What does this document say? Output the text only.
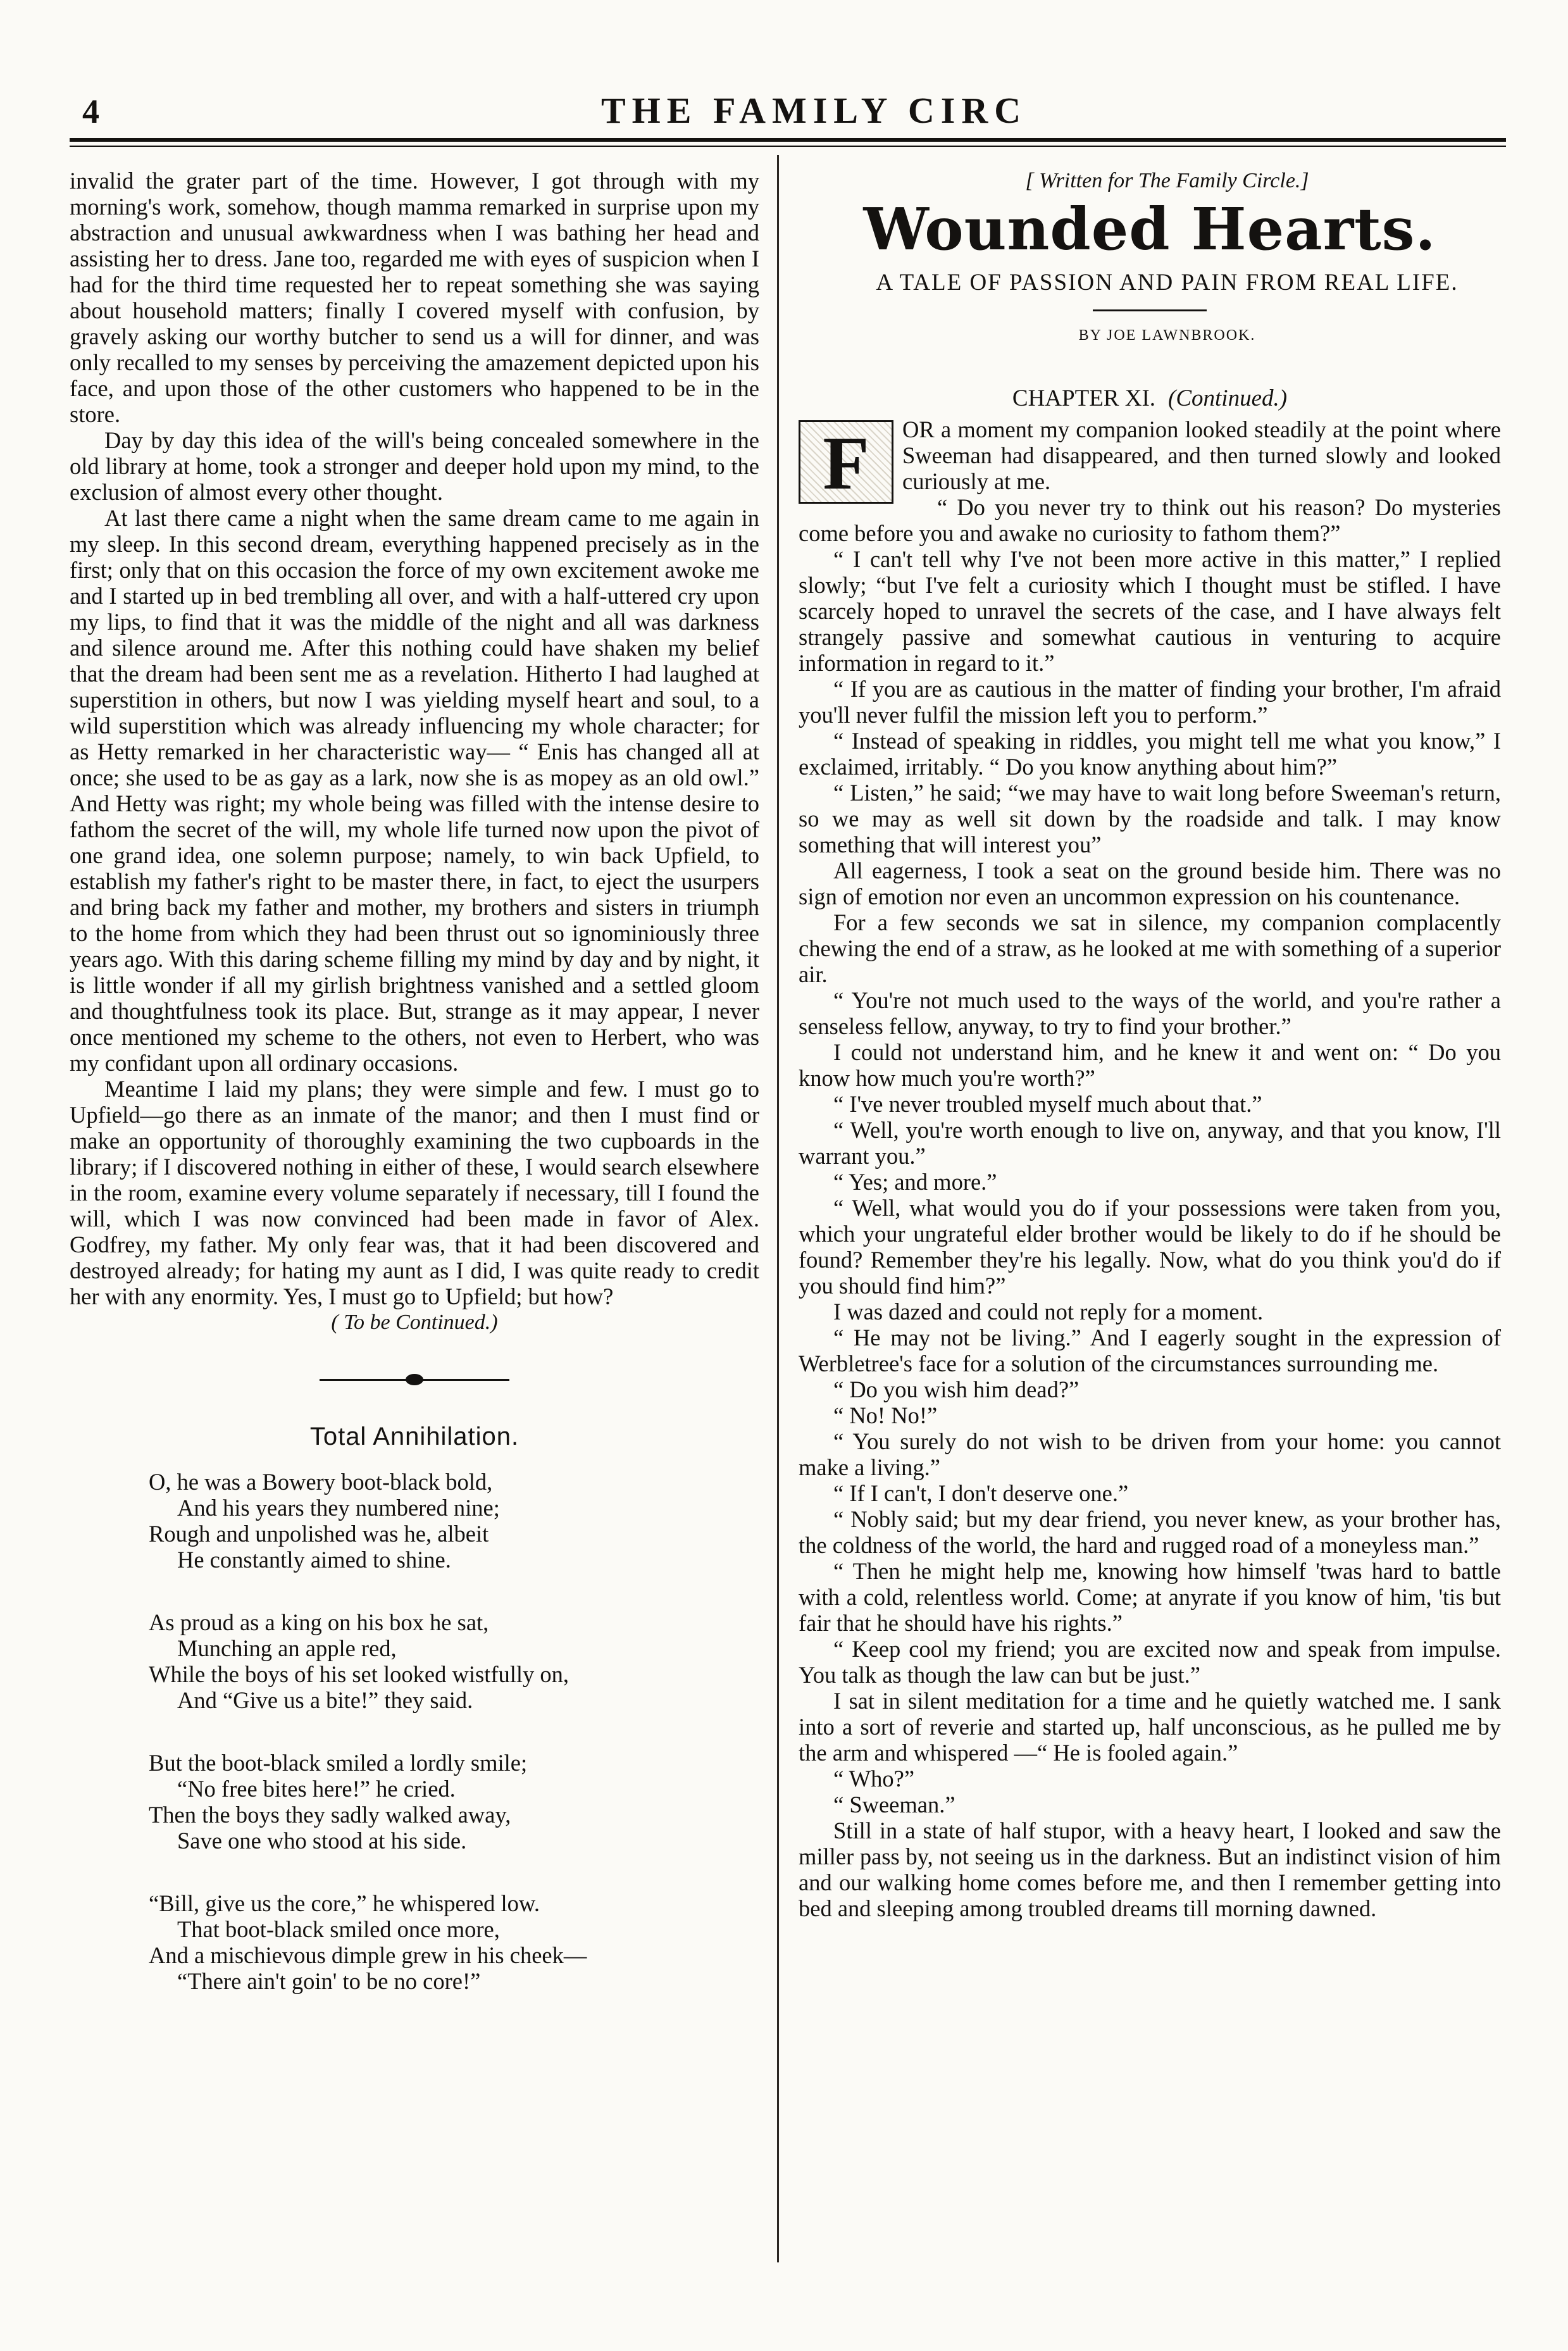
4	THE FAMILY CIRC

invalid the grater part of the time. However, I got through with my morning's work, somehow, though mamma remarked in surprise upon my abstraction and unusual awkwardness when I was bathing her head and assisting her to dress. Jane too, regarded me with eyes of suspicion when I had for the third time requested her to repeat something she was saying about household matters; finally I covered myself with confusion, by gravely asking our worthy butcher to send us a will for dinner, and was only recalled to my senses by perceiving the amazement depicted upon his face, and upon those of the other customers who happened to be in the store.

Day by day this idea of the will's being concealed somewhere in the old library at home, took a stronger and deeper hold upon my mind, to the exclusion of almost every other thought.

At last there came a night when the same dream came to me again in my sleep. In this second dream, everything happened precisely as in the first; only that on this occasion the force of my own excitement awoke me and I started up in bed trembling all over, and with a half-uttered cry upon my lips, to find that it was the middle of the night and all was darkness and silence around me. After this nothing could have shaken my belief that the dream had been sent me as a revelation. Hitherto I had laughed at superstition in others, but now I was yielding myself heart and soul, to a wild superstition which was already influencing my whole character; for as Hetty remarked in her characteristic way— “ Enis has changed all at once; she used to be as gay as a lark, now she is as mopey as an old owl.” And Hetty was right; my whole being was filled with the intense desire to fathom the secret of the will, my whole life turned now upon the pivot of one grand idea, one solemn purpose; namely, to win back Upfield, to establish my father's right to be master there, in fact, to eject the usurpers and bring back my father and mother, my brothers and sisters in triumph to the home from which they had been thrust out so ignominiously three years ago. With this daring scheme filling my mind by day and by night, it is little wonder if all my girlish brightness vanished and a settled gloom and thoughtfulness took its place. But, strange as it may appear, I never once mentioned my scheme to the others, not even to Herbert, who was my confidant upon all ordinary occasions.

Meantime I laid my plans; they were simple and few. I must go to Upfield—go there as an inmate of the manor; and then I must find or make an opportunity of thoroughly examining the two cupboards in the library; if I discovered nothing in either of these, I would search elsewhere in the room, examine every volume separately if necessary, till I found the will, which I was now convinced had been made in favor of Alex. Godfrey, my father. My only fear was, that it had been discovered and destroyed already; for hating my aunt as I did, I was quite ready to credit her with any enormity. Yes, I must go to Upfield; but how?

( To be Continued.)

Total Annihilation.
O, he was a Bowery boot-black bold,
And his years they numbered nine;
Rough and unpolished was he, albeit
He constantly aimed to shine.
As proud as a king on his box he sat,
Munching an apple red,
While the boys of his set looked wistfully on,
And “Give us a bite!” they said.
But the boot-black smiled a lordly smile;
“No free bites here!” he cried.
Then the boys they sadly walked away,
Save one who stood at his side.
“Bill, give us the core,” he whispered low.
That boot-black smiled once more,
And a mischievous dimple grew in his cheek—
“There ain't goin' to be no core!”

[ Written for The Family Circle.]

Wounded Hearts.

A TALE OF PASSION AND PAIN FROM REAL LIFE.

BY JOE LAWNBROOK.

CHAPTER XI. (Continued.)
F	OR a moment my companion looked steadily at the point where Sweeman had disappeared, and then turned slowly and looked curiously at me.

“ Do you never try to think out his reason? Do mysteries come before you and awake no curiosity to fathom them?”

“ I can't tell why I've not been more active in this matter,” I replied slowly; “but I've felt a curiosity which I thought must be stifled. I have scarcely hoped to unravel the secrets of the case, and I have always felt strangely passive and somewhat cautious in venturing to acquire information in regard to it.”

“ If you are as cautious in the matter of finding your brother, I'm afraid you'll never fulfil the mission left you to perform.”

“ Instead of speaking in riddles, you might tell me what you know,” I exclaimed, irritably. “ Do you know anything about him?”

“ Listen,” he said; “we may have to wait long before Sweeman's return, so we may as well sit down by the roadside and talk. I may know something that will interest you”

All eagerness, I took a seat on the ground beside him. There was no sign of emotion nor even an uncommon expression on his countenance.

For a few seconds we sat in silence, my companion complacently chewing the end of a straw, as he looked at me with something of a superior air.

“ You're not much used to the ways of the world, and you're rather a senseless fellow, anyway, to try to find your brother.”

I could not understand him, and he knew it and went on: “ Do you know how much you're worth?”

“ I've never troubled myself much about that.”

“ Well, you're worth enough to live on, anyway, and that you know, I'll warrant you.”

“ Yes; and more.”

“ Well, what would you do if your possessions were taken from you, which your ungrateful elder brother would be likely to do if he should be found? Remember they're his legally. Now, what do you think you'd do if you should find him?”

I was dazed and could not reply for a moment.

“ He may not be living.” And I eagerly sought in the expression of Werbletree's face for a solution of the circumstances surrounding me.

“ Do you wish him dead?”

“ No! No!”

“ You surely do not wish to be driven from your home: you cannot make a living.”

“ If I can't, I don't deserve one.”

“ Nobly said; but my dear friend, you never knew, as your brother has, the coldness of the world, the hard and rugged road of a moneyless man.”

“ Then he might help me, knowing how himself 'twas hard to battle with a cold, relentless world. Come; at anyrate if you know of him, 'tis but fair that he should have his rights.”

“ Keep cool my friend; you are excited now and speak from impulse. You talk as though the law can but be just.”

I sat in silent meditation for a time and he quietly watched me. I sank into a sort of reverie and started up, half unconscious, as he pulled me by the arm and whispered —“ He is fooled again.”

“ Who?”

“ Sweeman.”

Still in a state of half stupor, with a heavy heart, I looked and saw the miller pass by, not seeing us in the darkness. But an indistinct vision of him and our walking home comes before me, and then I remember getting into bed and sleeping among troubled dreams till morning dawned.
